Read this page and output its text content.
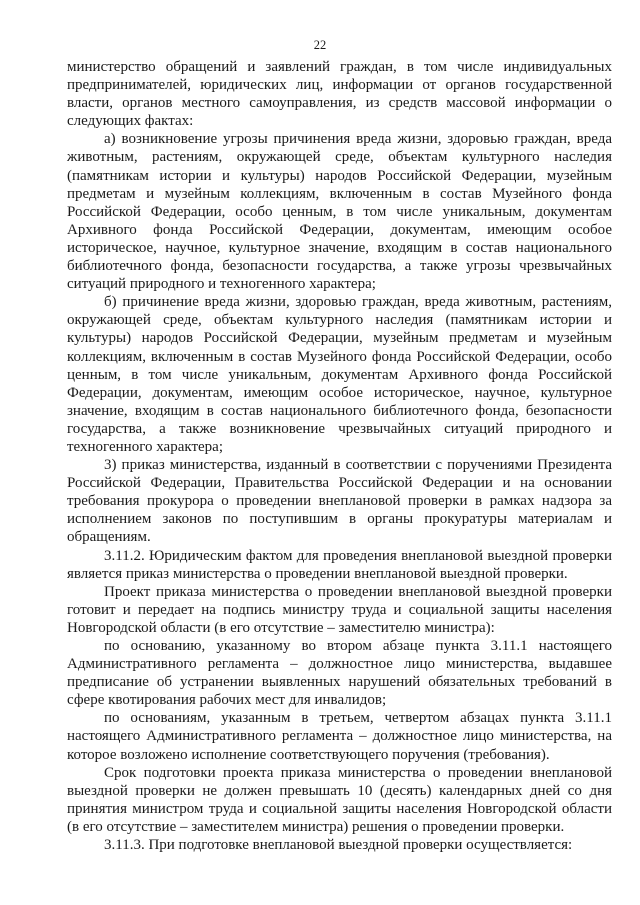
22

министерство обращений и заявлений граждан, в том числе индивидуальных предпринимателей, юридических лиц, информации от органов государственной власти, органов местного самоуправления, из средств массовой информации о следующих фактах:

а) возникновение угрозы причинения вреда жизни, здоровью граждан, вреда животным, растениям, окружающей среде, объектам культурного наследия (памятникам истории и культуры) народов Российской Федерации, музейным предметам и музейным коллекциям, включенным в состав Музейного фонда Российской Федерации, особо ценным, в том числе уникальным, документам Архивного фонда Российской Федерации, документам, имеющим особое историческое, научное, культурное значение, входящим в состав национального библиотечного фонда, безопасности государства, а также угрозы чрезвычайных ситуаций природного и техногенного характера;

б) причинение вреда жизни, здоровью граждан, вреда животным, растениям, окружающей среде, объектам культурного наследия (памятникам истории и культуры) народов Российской Федерации, музейным предметам и музейным коллекциям, включенным в состав Музейного фонда Российской Федерации, особо ценным, в том числе уникальным, документам Архивного фонда Российской Федерации, документам, имеющим особое историческое, научное, культурное значение, входящим в состав национального библиотечного фонда, безопасности государства, а также возникновение чрезвычайных ситуаций природного и техногенного характера;

3) приказ министерства, изданный в соответствии с поручениями Президента Российской Федерации, Правительства Российской Федерации и на основании требования прокурора о проведении внеплановой проверки в рамках надзора за исполнением законов по поступившим в органы прокуратуры материалам и обращениям.

3.11.2. Юридическим фактом для проведения внеплановой выездной проверки является приказ министерства о проведении внеплановой выездной проверки.

Проект приказа министерства о проведении внеплановой выездной проверки готовит и передает на подпись министру труда и социальной защиты населения Новгородской области (в его отсутствие – заместителю министра):

по основанию, указанному во втором абзаце пункта 3.11.1 настоящего Административного регламента – должностное лицо министерства, выдавшее предписание об устранении выявленных нарушений обязательных требований в сфере квотирования рабочих мест для инвалидов;

по основаниям, указанным в третьем, четвертом абзацах пункта 3.11.1 настоящего Административного регламента – должностное лицо министерства, на которое возложено исполнение соответствующего поручения (требования).

Срок подготовки проекта приказа министерства о проведении внеплановой выездной проверки не должен превышать 10 (десять) календарных дней со дня принятия министром труда и социальной защиты населения Новгородской области (в его отсутствие – заместителем министра) решения о проведении проверки.

3.11.3. При подготовке внеплановой выездной проверки осуществляется:
